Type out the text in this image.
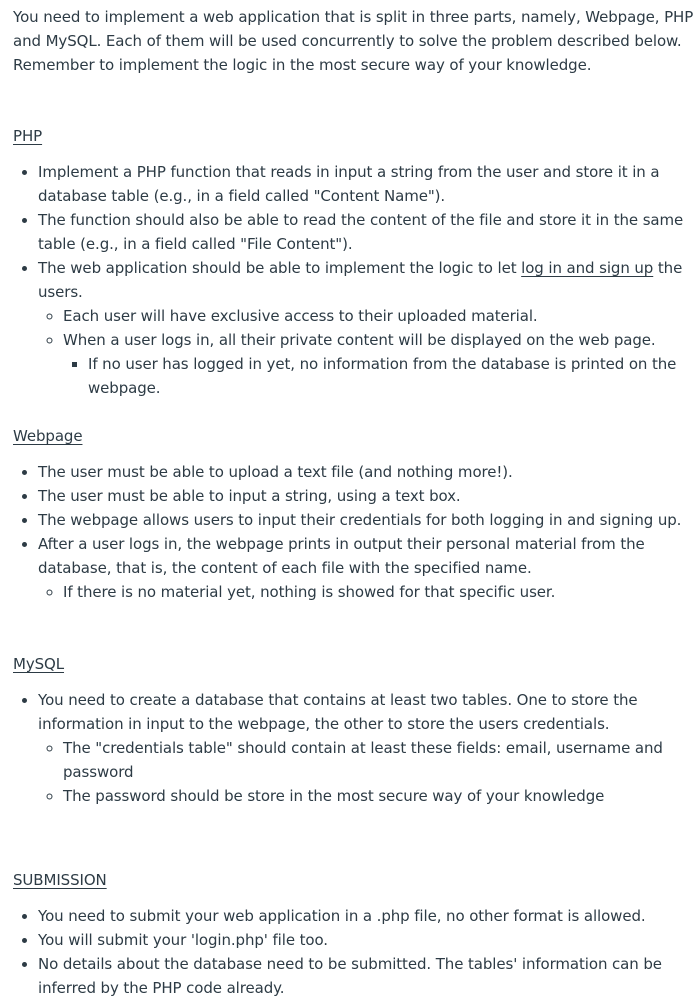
You need to implement a web application that is split in three parts, namely, Webpage, PHP and MySQL. Each of them will be used concurrently to solve the problem described below. Remember to implement the logic in the most secure way of your knowledge.

PHP

• Implement a PHP function that reads in input a string from the user and store it in a database table (e.g., in a field called "Content Name").
• The function should also be able to read the content of the file and store it in the same table (e.g., in a field called "File Content").
• The web application should be able to implement the logic to let log in and sign up the users.
◦ Each user will have exclusive access to their uploaded material.
◦ When a user logs in, all their private content will be displayed on the web page.
▪ If no user has logged in yet, no information from the database is printed on the webpage.

Webpage

• The user must be able to upload a text file (and nothing more!).
• The user must be able to input a string, using a text box.
• The webpage allows users to input their credentials for both logging in and signing up.
• After a user logs in, the webpage prints in output their personal material from the database, that is, the content of each file with the specified name.
◦ If there is no material yet, nothing is showed for that specific user.

MySQL

• You need to create a database that contains at least two tables. One to store the information in input to the webpage, the other to store the users credentials.
◦ The "credentials table" should contain at least these fields: email, username and password
◦ The password should be store in the most secure way of your knowledge

SUBMISSION

• You need to submit your web application in a .php file, no other format is allowed.
• You will submit your 'login.php' file too.
• No details about the database need to be submitted. The tables' information can be inferred by the PHP code already.
